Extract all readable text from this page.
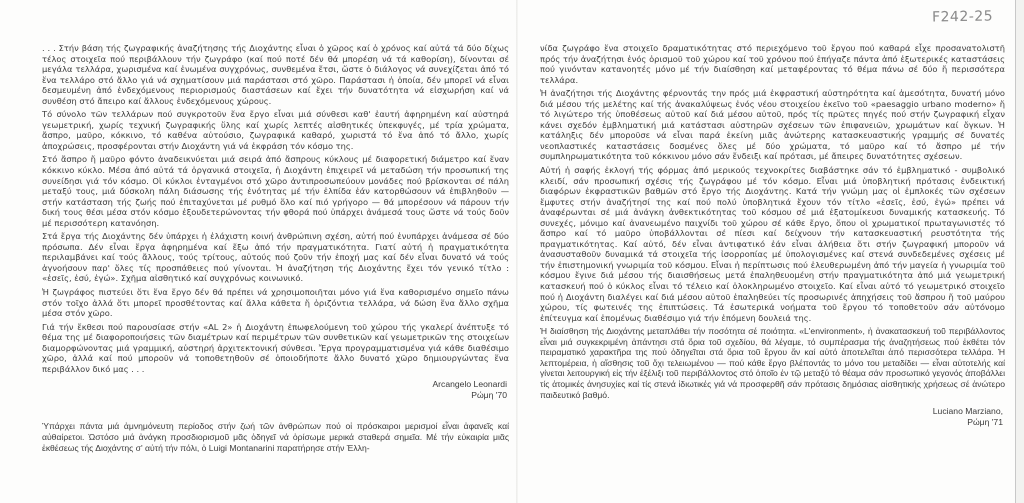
F242-25

. . . Στήν βάση τής ζωγραφικής ἀναζήτησης τής Διοχάντης εἶναι ὁ χῶρος καί ὁ χρόνος καί αὐτά τά δύο δίχως τέλος στοιχεῖα πού περιβάλλουν τήν ζωγράφο (καί πού ποτέ δέν θά μπορέση νά τά καθορίση), δίνονται σέ μεγάλα τελλάρα, χωρισμένα καί ἑνωμένα συγχρόνως, συνθεμένα ἔτσι, ὥστε ὁ διάλογος νά συνεχίζεται ἀπό τό ἕνα τελλάρο στό ἄλλο γιά νά σχηματίσουν μιά παράστασι στό χῶρο. Παράστασι ἡ ὁποία, δέν μπορεῖ νά εἶναι δεσμευμένη ἀπό ἐνδεχόμενους περιορισμούς διαστάσεων καί ἔχει τήν δυνατότητα νά εἰσχωρήση καί νά συνθέση στό ἄπειρο καί ἄλλους ἐνδεχόμενους χώρους.

Τό σύνολο τῶν τελλάρων πού συγκροτοῦν ἕνα ἔργο εἶναι μιά σύνθεσι καθ' ἑαυτή ἀφηρημένη καί αὐστηρά γεωμετρική, χωρίς τεχνική ζωγραφικής ὕλης καί χωρίς λεπτές αἰσθητικές ὑπεκφυγές, μέ τρία χρώματα, ἄσπρο, μαῦρο, κόκκινο, τό καθένα αὐτούσιο, ζωγραφικά καθαρό, χωριστά τό ἕνα ἀπό τό ἄλλο, χωρίς ἀποχρώσεις, προσφέρονται στήν Διοχάντη γιά νά ἐκφράση τόν κόσμο της.

Στό ἄσπρο ἤ μαῦρο φόντο ἀναδεικνύεται μιά σειρά ἀπό ἄσπρους κύκλους μέ διαφορετική διάμετρο καί ἕναν κόκκινο κύκλο. Μέσα ἀπό αὐτά τά ὀργανικά στοιχεῖα, ἡ Διοχάντη ἐπιχειρεῖ νά μεταδώση τήν προσωπική της συνείδησι γιά τόν κόσμο. Οἱ κύκλοι ἐνταγμένοι στό χῶρο ἀντιπροσωπεύουν μονάδες πού βρίσκονται σέ πάλη μεταξύ τους, μιά δύσκολη πάλη διάσωσης τής ἑνότητας μέ τήν ἐλπίδα ἐάν κατορθώσουν νά ἐπιβληθοῦν — στήν κατάσταση τής ζωής πού ἐπιταχύνεται μέ ρυθμό ὅλο καί πιό γρήγορο — θά μπορέσουν νά πάρουν τήν δική τους θέσι μέσα στόν κόσμο ἐξουδετερώνοντας τήν φθορά πού ὑπάρχει ἀνάμεσά τους ὥστε νά τούς δοῦν μέ περισσότερη κατανόηση.

Στά ἔργα τής Διοχάντης δέν ὑπάρχει ἡ ἐλάχιστη κοινή ἀνθρώπινη σχέση, αὐτή πού ἐνυπάρχει ἀνάμεσα σέ δύο πρόσωπα. Δέν εἶναι ἔργα ἀφηρημένα καί ἔξω ἀπό τήν πραγματικότητα. Γιατί αὐτή ἡ πραγματικότητα περιλαμβάνει καί τούς ἄλλους, τούς τρίτους, αὐτούς πού ζοῦν τήν ἐποχή μας καί δέν εἶναι δυνατό νά τούς ἀγνοήσουν παρ' ὅλες τίς προσπάθειες πού γίνονται. Ἡ ἀναζήτηση τής Διοχάντης ἔχει τόν γενικό τίτλο : «ἐσεῖς, ἐσύ, ἐγώ». Σχῆμα αἰσθητικό καί συγχρόνως κοινωνικό.

Ἡ ζωγράφος πιστεύει ὅτι ἕνα ἔργο δέν θά πρέπει νά χρησιμοποιῆται μόνο γιά ἕνα καθορισμένο σημεῖο πάνω στόν τοῖχο ἀλλά ὅτι μπορεῖ προσθέτοντας καί ἄλλα κάθετα ἤ ὁριζόντια τελλάρα, νά δώση ἕνα ἄλλο σχῆμα μέσα στόν χῶρο.

Γιά τήν ἔκθεσι πού παρουσίασε στήν «AL 2» ἡ Διοχάντη ἐπωφελούμενη τοῦ χώρου τής γκαλερί ἀνέπτυξε τό θέμα της μέ διαφοροποιήσεις τῶν διαμέτρων καί περιμέτρων τῶν συνθετικῶν καί γεωμετρικῶν της στοιχείων διαμορφώνοντας μιά γραμμική, αὐστηρή ἀρχιτεκτονική σύνθεσι. Ἔργα προγραμματισμένα γιά κάθε διαθέσιμο χῶρο, ἀλλά καί πού μποροῦν νά τοποθετηθοῦν σέ ὁποιοδήποτε ἄλλο δυνατό χῶρο δημιουργώντας ἕνα περιβάλλον δικό μας . . .

Arcangelo Leonardi
Ρώμη '70

Ὑπάρχει πάντα μιά ἀμνημόνευτη περίοδος στήν ζωή τῶν ἀνθρώπων πού οἱ πρόσκαιροι μερισμοί εἶναι ἀφανεῖς καί αὐθαίρετοι. Ὡστόσο μιά ἀνάγκη προσδιορισμοῦ μᾶς ὁδηγεῖ νά ὁρίσωμε μερικά σταθερά σημεῖα. Μέ τήν εὐκαιρία μιᾶς ἐκθέσεως τής Διοχάντης σ' αὐτή τήν πόλι, ὁ Luigi Montanarini παρατήρησε στήν Ἑλλη-

νίδα ζωγράφο ἕνα στοιχεῖο δραματικότητας στό περιεχόμενο τοῦ ἔργου πού καθαρά εἶχε προσανατολιστῆ πρός τήν ἀναζήτησι ἑνός ὁρισμοῦ τοῦ χώρου καί τοῦ χρόνου πού ἐπήγαζε πάντα ἀπό ἐξωτερικές καταστάσεις πού γινόνταν κατανοητές μόνο μέ τήν διαίσθηση καί μεταφέροντας τό θέμα πάνω σέ δύο ἤ περισσότερα τελλάρα.

Ἡ ἀναζήτησι τής Διοχάντης φέρνοντάς την πρός μιά ἐκφραστική αὐστηρότητα καί ἀμεσότητα, δυνατή μόνο διά μέσου τής μελέτης καί τής ἀνακαλύψεως ἑνός νέου στοιχείου ἐκεῖνο τοῦ «paesaggio urbano moderno» ἤ τό λιγώτερο τής ὑποθέσεως αὐτοῦ καί διά μέσου αὐτοῦ, πρός τίς πρῶτες πηγές πού στήν ζωγραφική εἶχαν κάνει σχεδόν ἐμβληματική μιά κατάστασι αὐστηρῶν σχέσεων τῶν ἐπιφανειῶν, χρωμάτων καί ὄγκων. Ἡ κατάληξις δέν μποροῦσε νά εἶναι παρά ἐκείνη μιᾶς ἀνώτερης κατασκευαστικής γραμμής σέ δυνατές νεοπλαστικές καταστάσεις δοσμένες ὅλες μέ δύο χρώματα, τό μαῦρο καί τό ἄσπρο μέ τήν συμπληρωματικότητα τοῦ κόκκινου μόνο σάν ἔνδειξι καί πρότασι, μέ ἄπειρες δυνατότητες σχέσεων.

Αὐτή ἡ σαφής ἐκλογή τής φόρμας ἀπό μερικούς τεχνοκρίτες διαβάστηκε σάν τό ἐμβληματικό - συμβολικό κλειδί, σάν προσωπική σχέσις τής ζωγράφου μέ τόν κόσμο. Εἶναι μιά ὑποβλητική πρότασις ἐνδεικτική διαφόρων ἐκφραστικῶν βαθμῶν στό ἔργο τής Διοχάντης. Κατά τήν γνώμη μας οἱ ἐμπλοκές τῶν σχέσεων ἔμφυτες στήν ἀναζήτησί της καί πού πολύ ὑποβλητικά ἔχουν τόν τίτλο «ἐσεῖς, ἐσύ, ἐγώ» πρέπει νά ἀναφέρωνται σέ μιά ἀνάγκη ἀνθεκτικότητας τοῦ κόσμου σέ μιά ἐξατομίκευσι δυναμικής κατασκευής. Τό συνεχές, μόνιμο καί ἀνανεωμένο παιχνίδι τοῦ χώρου σέ κάθε ἔργο, ὅπου οἱ χρωματικοί πρωταγωνιστές τό ἄσπρο καί τό μαῦρο ὑποβάλλονται σέ πίεσι καί δείχνουν τήν κατασκευαστική ρευστότητα τής πραγματικότητας. Καί αὐτό, δέν εἶναι ἀντιφατικό ἐάν εἶναι ἀλήθεια ὅτι στήν ζωγραφική μποροῦν νά ἀνασυσταθοῦν δυναμικά τά στοιχεῖα τής ἰσορροπίας μέ ὑπολογισμένες καί στενά συνδεδεμένες σχέσεις μέ τήν ἐπιστημονική γνωριμία τοῦ κόσμου. Εἶναι ἡ περίπτωσις πού ἐλευθερωμένη ἀπό τήν μαγεία ἡ γνωριμία τοῦ κόσμου ἔγινε διά μέσου τής διαισθήσεως μετά ἐπαληθευομένη στήν πραγματικότητα ἀπό μιά γεωμετρική κατασκευή πού ὁ κύκλος εἶναι τό τέλειο καί ὁλοκληρωμένο στοιχεῖο. Καί εἶναι αὐτό τό γεωμετρικό στοιχεῖο πού ἡ Διοχάντη διαλέγει καί διά μέσου αὐτοῦ ἐπαληθεύει τίς προσωρινές ἀπηχήσεις τοῦ ἄσπρου ἤ τοῦ μαύρου χώρου, τίς φωτεινές της ἐπιπτώσεις. Τά ἐσωτερικά νοήματα τοῦ ἔργου τό τοποθετοῦν σάν αὐτόνομο ἐπίτευγμα καί ἑπομένως διαθέσιμο γιά τήν ἑπόμενη δουλειά της.

Ἡ διαίσθηση τής Διοχάντης μεταπλάθει τήν ποσότητα σέ ποιότητα. «L'environment», ἡ ἀνακατασκευή τοῦ περιβάλλοντος εἶναι μιά συγκεκριμένη ἀπάντησι στά ὅρια τοῦ σχεδίου, θά λέγαμε, τό συμπέρασμα τής ἀναζητήσεως πού ἐκθέτει τόν πειραματικό χαρακτῆρα της πού ὁδηγεῖται στά ὅρια τοῦ ἔργου ἄν καί αὐτό ἀποτελεῖται ἀπό περισσότερα τελλάρα. Ἡ λεπτομέρεια, ἡ αἴσθησις τοῦ ὄχι τελειωμένου — πού κάθε ἔργο βλέποντάς το μόνο του μεταδίδει — εἶναι αὐτοτελής καί γίνεται λειτουργική εἰς τήν ἐξέλιξι τοῦ περιβάλλοντος στό ὁποῖο ἐν τῷ μεταξύ τό θέαμα σάν προσωπικό γεγονός ἀποβάλλει τίς ἀτομικές ἀνησυχίες καί τίς στενά ἰδιωτικές γιά νά προσφερθῆ σάν πρότασις δημόσιας αἰσθητικής χρήσεως σέ ἀνώτερο παιδευτικό βαθμό.

Luciano Marziano,
Ρώμη '71
